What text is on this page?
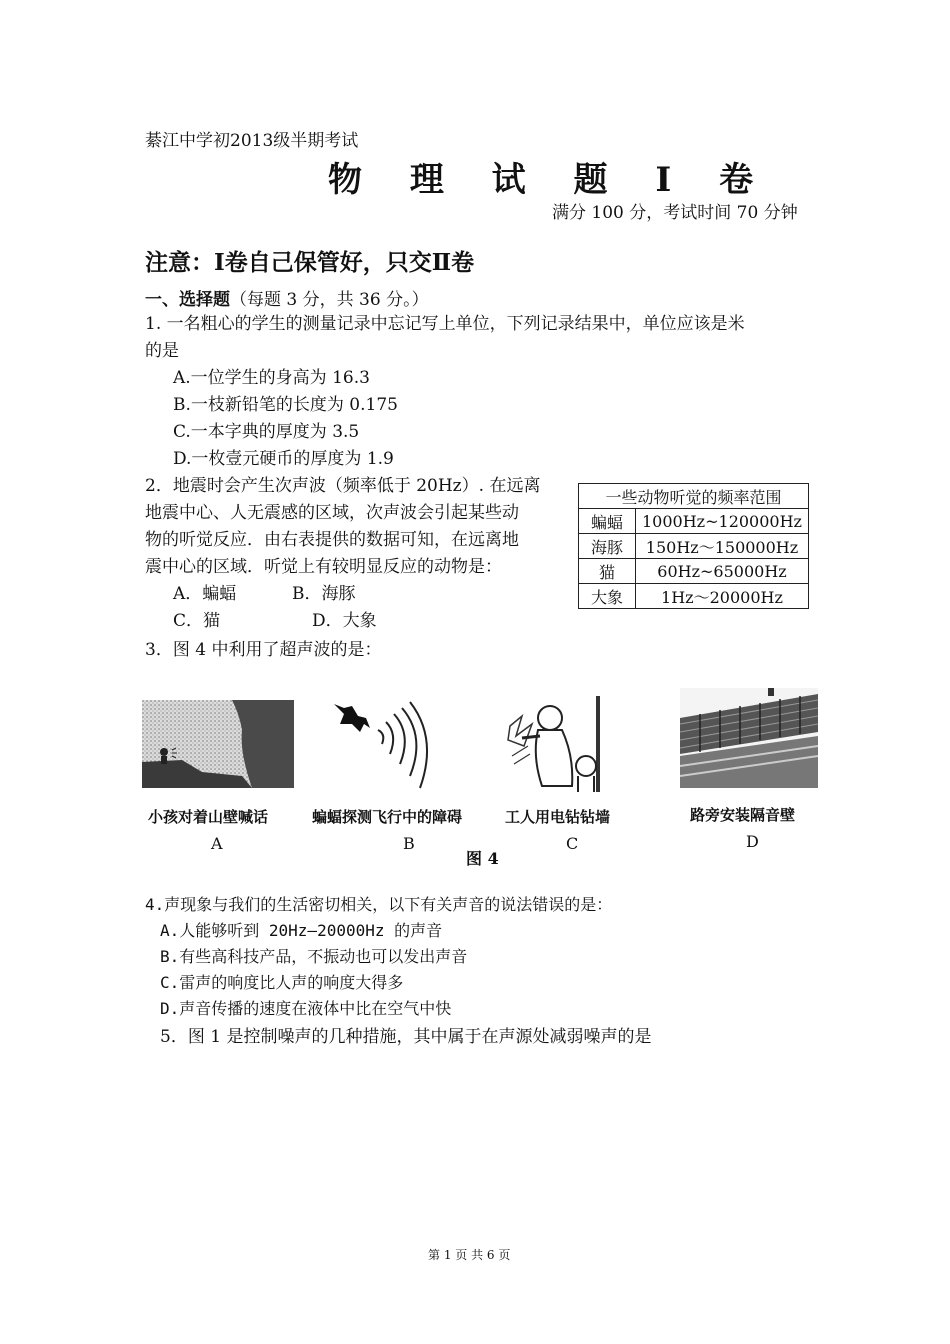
綦江中学初2013级半期考试
物 理 试 题 Ⅰ 卷
满分 100 分，考试时间 70 分钟
注意：Ⅰ卷自己保管好，只交Ⅱ卷
一、选择题（每题 3 分，共 36 分。）
1. 一名粗心的学生的测量记录中忘记写上单位，下列记录结果中，单位应该是米
的是
A.一位学生的身高为 16.3
B.一枝新铅笔的长度为 0.175
C.一本字典的厚度为 3.5
D.一枚壹元硬币的厚度为 1.9
2．地震时会产生次声波（频率低于 20Hz）. 在远离
地震中心、人无震感的区域，次声波会引起某些动
物的听觉反应．由右表提供的数据可知，在远离地
震中心的区域．听觉上有较明显反应的动物是：
A．蝙蝠	B．海豚
C．猫	D．大象
一些动物听觉的频率范围	
蝙蝠	1000Hz~120000Hz
海豚	150Hz～150000Hz
猫	60Hz~65000Hz
大象	1Hz～20000Hz
3．图 4 中利用了超声波的是：
小孩对着山壁喊话
A
蝙蝠探测飞行中的障碍
B
工人用电钻钻墙
C
路旁安装隔音壁
D
图 4
4.声现象与我们的生活密切相关，以下有关声音的说法错误的是：
A.人能够听到 20Hz—20000Hz 的声音
B.有些高科技产品，不振动也可以发出声音
C.雷声的响度比人声的响度大得多
D.声音传播的速度在液体中比在空气中快
5．图 1 是控制噪声的几种措施，其中属于在声源处减弱噪声的是
第 1 页 共 6 页
